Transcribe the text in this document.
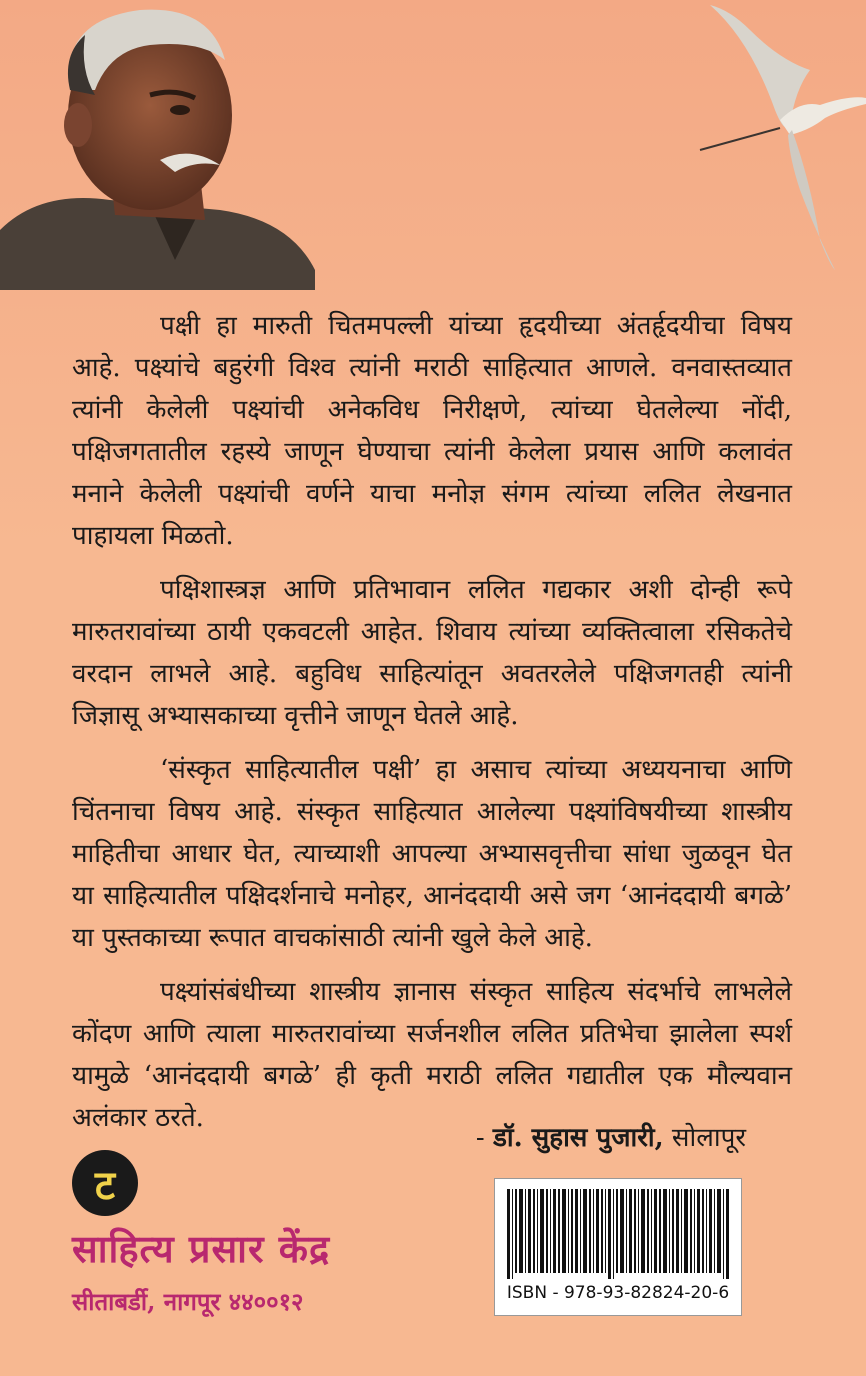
पक्षी हा मारुती चितमपल्ली यांच्या हृदयीच्या अंतर्हृदयीचा विषय आहे. पक्ष्यांचे बहुरंगी विश्व त्यांनी मराठी साहित्यात आणले. वनवास्तव्यात त्यांनी केलेली पक्ष्यांची अनेकविध निरीक्षणे, त्यांच्या घेतलेल्या नोंदी, पक्षिजगतातील रहस्ये जाणून घेण्याचा त्यांनी केलेला प्रयास आणि कलावंत मनाने केलेली पक्ष्यांची वर्णने याचा मनोज्ञ संगम त्यांच्या ललित लेखनात पाहायला मिळतो.

पक्षिशास्त्रज्ञ आणि प्रतिभावान ललित गद्यकार अशी दोन्ही रूपे मारुतरावांच्या ठायी एकवटली आहेत. शिवाय त्यांच्या व्यक्तित्वाला रसिकतेचे वरदान लाभले आहे. बहुविध साहित्यांतून अवतरलेले पक्षिजगतही त्यांनी जिज्ञासू अभ्यासकाच्या वृत्तीने जाणून घेतले आहे.

‘संस्कृत साहित्यातील पक्षी’ हा असाच त्यांच्या अध्ययनाचा आणि चिंतनाचा विषय आहे. संस्कृत साहित्यात आलेल्या पक्ष्यांविषयीच्या शास्त्रीय माहितीचा आधार घेत, त्याच्याशी आपल्या अभ्यासवृत्तीचा सांधा जुळवून घेत या साहित्यातील पक्षिदर्शनाचे मनोहर, आनंददायी असे जग ‘आनंददायी बगळे’ या पुस्तकाच्या रूपात वाचकांसाठी त्यांनी खुले केले आहे.

पक्ष्यांसंबंधीच्या शास्त्रीय ज्ञानास संस्कृत साहित्य संदर्भाचे लाभलेले कोंदण आणि त्याला मारुतरावांच्या सर्जनशील ललित प्रतिभेचा झालेला स्पर्श यामुळे ‘आनंददायी बगळे’ ही कृती मराठी ललित गद्यातील एक मौल्यवान अलंकार ठरते.

- डॉ. सुहास पुजारी, सोलापूर
ट
साहित्य प्रसार केंद्र
सीताबर्डी, नागपूर ४४००१२	ISBN - 978-93-82824-20-6
